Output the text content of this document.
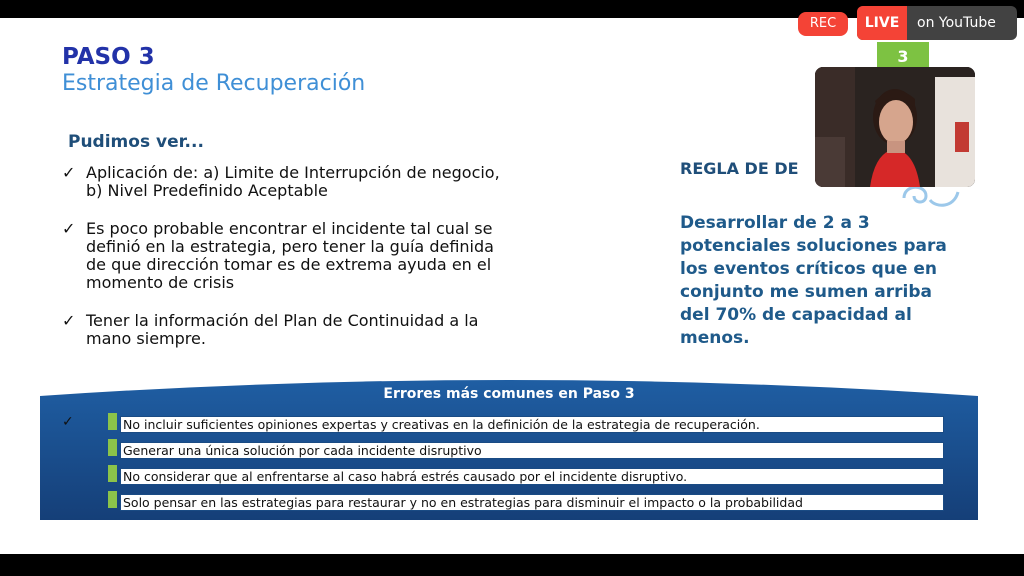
PASO 3
Estrategia de Recuperación
3
Pudimos ver...
✓ Aplicación de: a) Limite de Interrupción de negocio,
b) Nivel Predefinido Aceptable
✓ Es poco probable encontrar el incidente tal cual se
definió en la estrategia, pero tener la guía definida
de que dirección tomar es de extrema ayuda en el
momento de crisis
✓ Tener la información del Plan de Continuidad a la
mano siempre.
REGLA DE DE
Desarrollar de 2 a 3
potenciales soluciones para
los eventos críticos que en
conjunto me sumen arriba
del 70% de capacidad al
menos.
Errores más comunes en Paso 3
✓	No incluir suficientes opiniones expertas y creativas en la definición de la estrategia de recuperación.
Generar una única solución por cada incidente disruptivo
No considerar que al enfrentarse al caso habrá estrés causado por el incidente disruptivo.
Solo pensar en las estrategias para restaurar y no en estrategias para disminuir el impacto o la probabilidad
REC	LIVE	on YouTube
